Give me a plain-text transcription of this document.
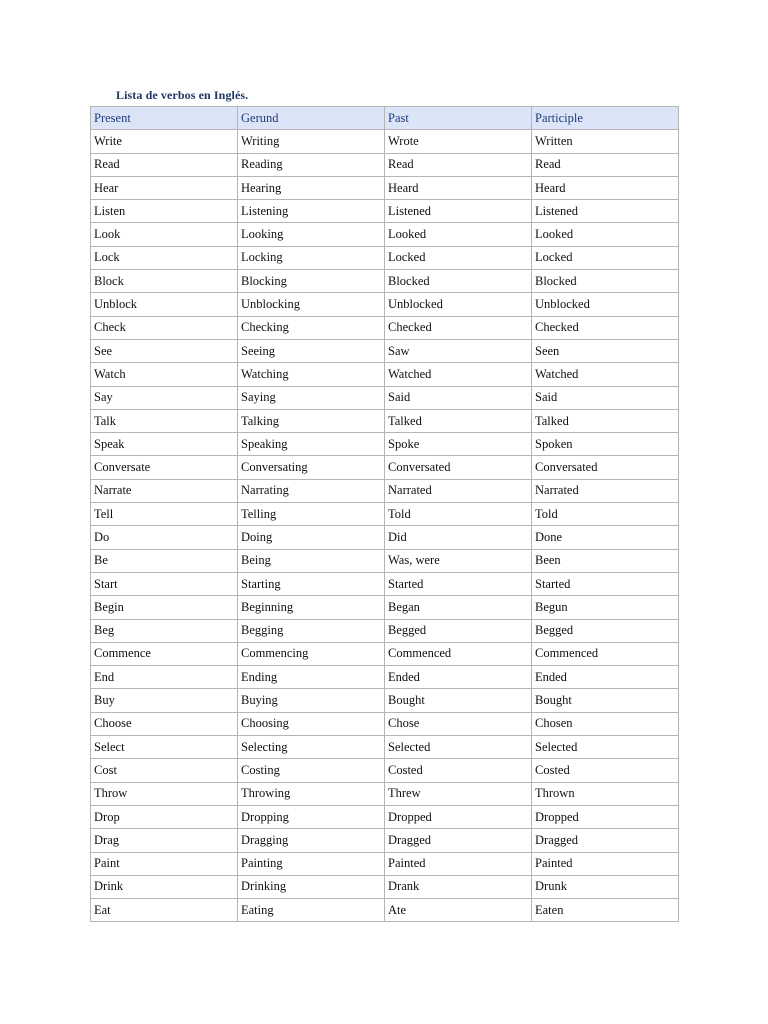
Lista de verbos en Inglés.
Present	Gerund	Past	Participle
Write	Writing	Wrote	Written
Read	Reading	Read	Read
Hear	Hearing	Heard	Heard
Listen	Listening	Listened	Listened
Look	Looking	Looked	Looked
Lock	Locking	Locked	Locked
Block	Blocking	Blocked	Blocked
Unblock	Unblocking	Unblocked	Unblocked
Check	Checking	Checked	Checked
See	Seeing	Saw	Seen
Watch	Watching	Watched	Watched
Say	Saying	Said	Said
Talk	Talking	Talked	Talked
Speak	Speaking	Spoke	Spoken
Conversate	Conversating	Conversated	Conversated
Narrate	Narrating	Narrated	Narrated
Tell	Telling	Told	Told
Do	Doing	Did	Done
Be	Being	Was, were	Been
Start	Starting	Started	Started
Begin	Beginning	Began	Begun
Beg	Begging	Begged	Begged
Commence	Commencing	Commenced	Commenced
End	Ending	Ended	Ended
Buy	Buying	Bought	Bought
Choose	Choosing	Chose	Chosen
Select	Selecting	Selected	Selected
Cost	Costing	Costed	Costed
Throw	Throwing	Threw	Thrown
Drop	Dropping	Dropped	Dropped
Drag	Dragging	Dragged	Dragged
Paint	Painting	Painted	Painted
Drink	Drinking	Drank	Drunk
Eat	Eating	Ate	Eaten
